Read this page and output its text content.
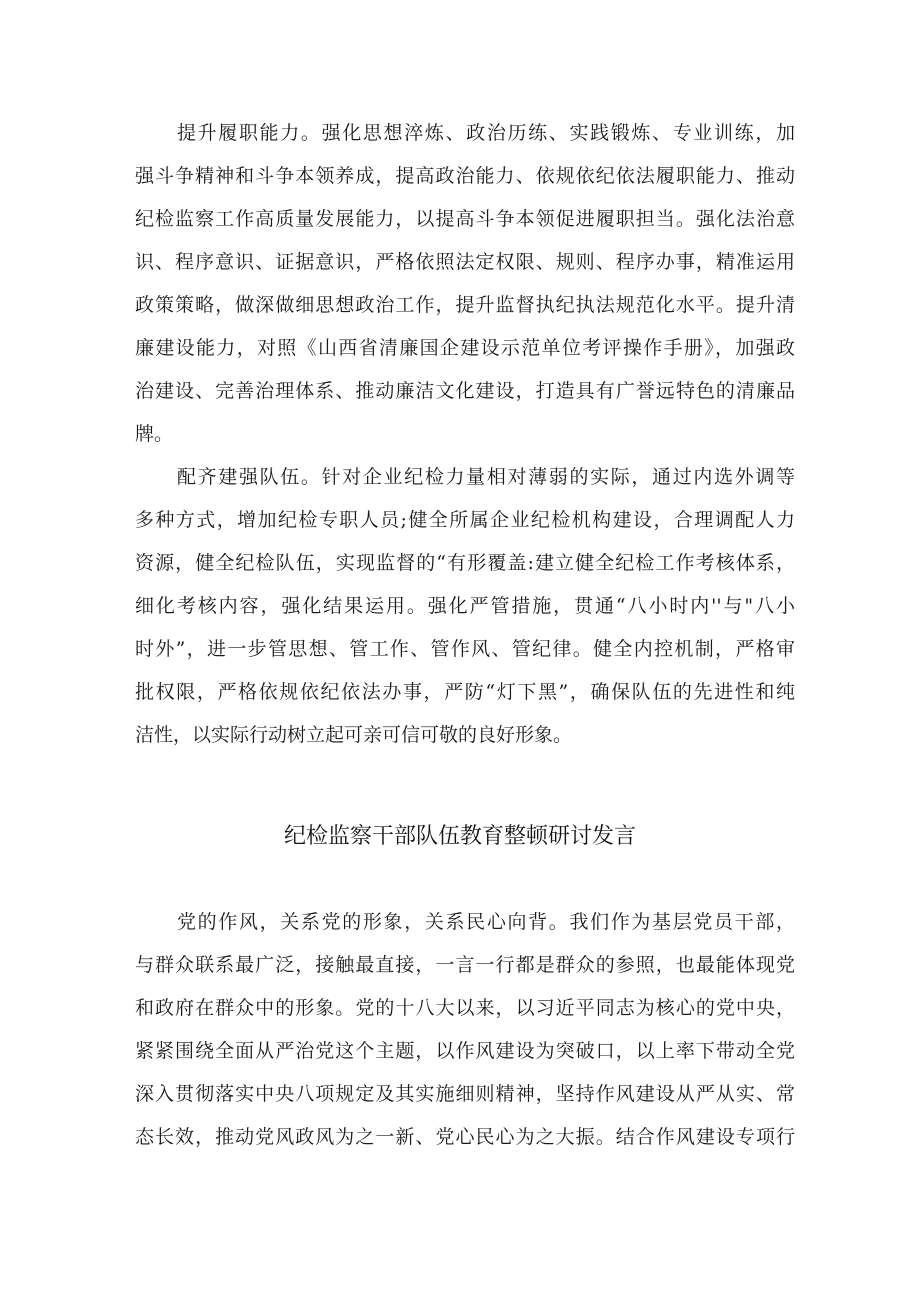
提升履职能力。强化思想淬炼、政治历练、实践锻炼、专业训练，加
强斗争精神和斗争本领养成，提高政治能力、依规依纪依法履职能力、推动
纪检监察工作高质量发展能力，以提高斗争本领促进履职担当。强化法治意
识、程序意识、证据意识，严格依照法定权限、规则、程序办事，精准运用
政策策略，做深做细思想政治工作，提升监督执纪执法规范化水平。提升清
廉建设能力，对照《山西省清廉国企建设示范单位考评操作手册》，加强政
治建设、完善治理体系、推动廉洁文化建设，打造具有广誉远特色的清廉品
牌。
配齐建强队伍。针对企业纪检力量相对薄弱的实际，通过内选外调等
多种方式，增加纪检专职人员;健全所属企业纪检机构建设，合理调配人力
资源，健全纪检队伍，实现监督的“有形覆盖:建立健全纪检工作考核体系，
细化考核内容，强化结果运用。强化严管措施，贯通“八小时内''与"八小
时外”，进一步管思想、管工作、管作风、管纪律。健全内控机制，严格审
批权限，严格依规依纪依法办事，严防“灯下黑”，确保队伍的先进性和纯
洁性，以实际行动树立起可亲可信可敬的良好形象。
纪检监察干部队伍教育整顿研讨发言
党的作风，关系党的形象，关系民心向背。我们作为基层党员干部，
与群众联系最广泛，接触最直接，一言一行都是群众的参照，也最能体现党
和政府在群众中的形象。党的十八大以来，以习近平同志为核心的党中央，
紧紧围绕全面从严治党这个主题，以作风建设为突破口，以上率下带动全党
深入贯彻落实中央八项规定及其实施细则精神，坚持作风建设从严从实、常
态长效，推动党风政风为之一新、党心民心为之大振。结合作风建设专项行
